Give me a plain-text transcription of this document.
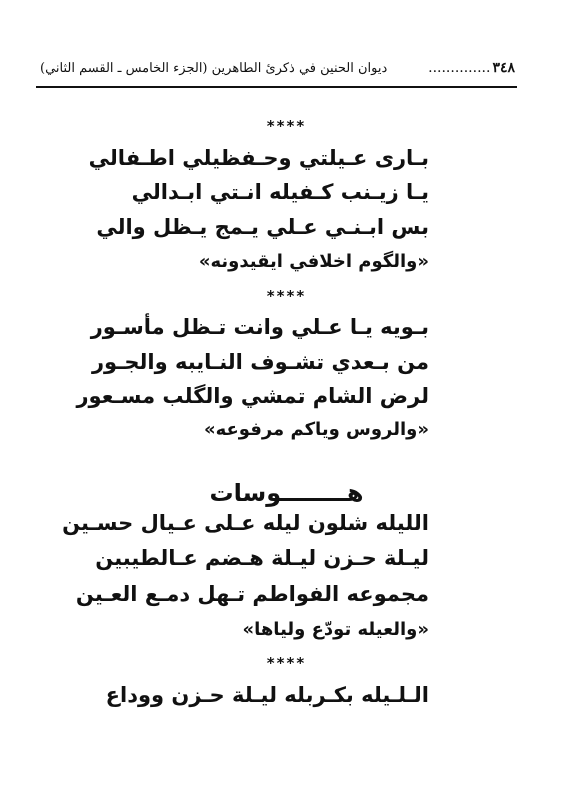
ديوان الحنين في ذكرئ الطاهرين (الجزء الخامس ـ القسم الثاني)	.............. ٣٤٨
****
بـارى عـيلتي وحـفظيلي اطـفالي
يـا زيـنب كـفيله انـتي ابـدالي
بس ابـنـي عـلي يـمج يـظل والي
«والگوم اخلافي ايقيدونه»
****
بـويه يـا عـلي وانت تـظل مأسـور
من بـعدي تشـوف النـايبه والجـور
لرض الشام تمشي والگلب مسـعور
«والروس وياكم مرفوعه»
هــــــــوسات
الليله شلون ليله عـلى عـيال حسـين
ليـلة حـزن ليـلة هـضم عـالطيبين
مجموعه الفواطم تـهل دمـع العـين
«والعيله تودّع ولياها»
****
الـلـيله بكـربله ليـلة حـزن ووداع
